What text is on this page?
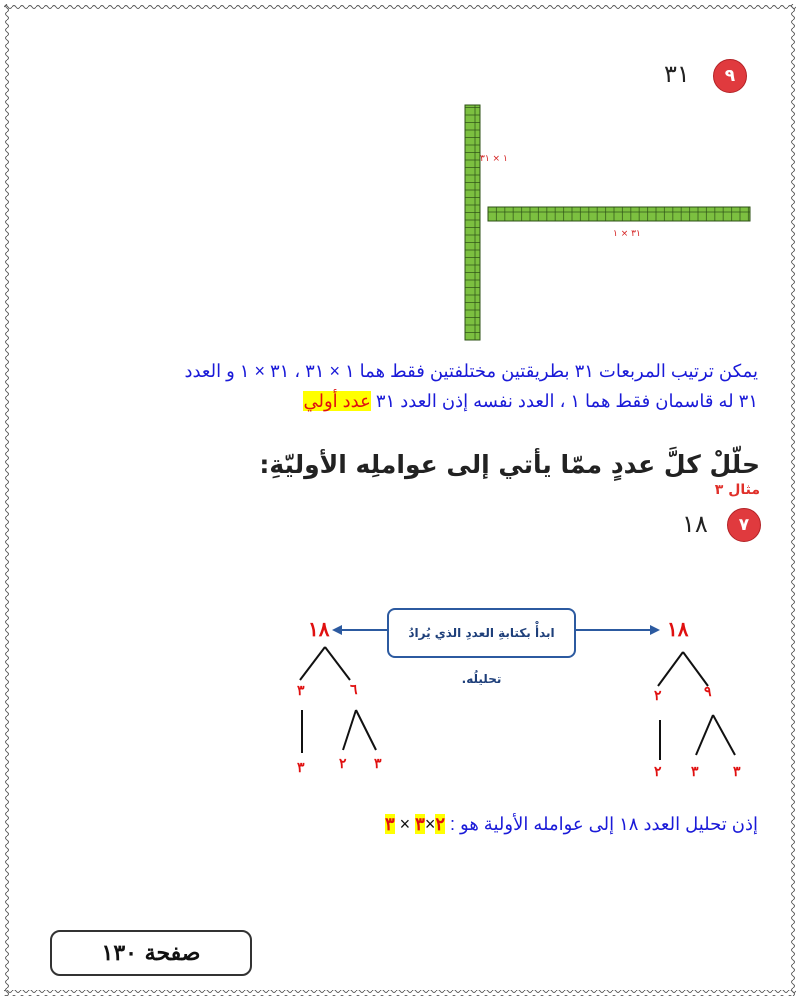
٩
٣١
١ × ٣١
٣١ × ١
يمكن ترتيب المربعات ٣١ بطريقتين مختلفتين فقط هما ١ × ٣١ ، ٣١ × ١ و العدد
٣١ له قاسمان فقط هما ١ ، العدد نفسه إذن العدد ٣١ عدد أولي
حلّلْ كلَّ عددٍ ممّا يأتي إلى عواملِه الأوليّةِ: مثال ٣
٧
١٨
ابدأْ بكتابةِ العددِ الذي يُرادُ تحليلُه.
١٨
٣	٦
٣ ٢ ٣
١٨
٢	٩
٢ ٣ ٣
إذن تحليل العدد ١٨ إلى عوامله الأولية هو : ٢×٣ × ٣
صفحة ١٣٠
